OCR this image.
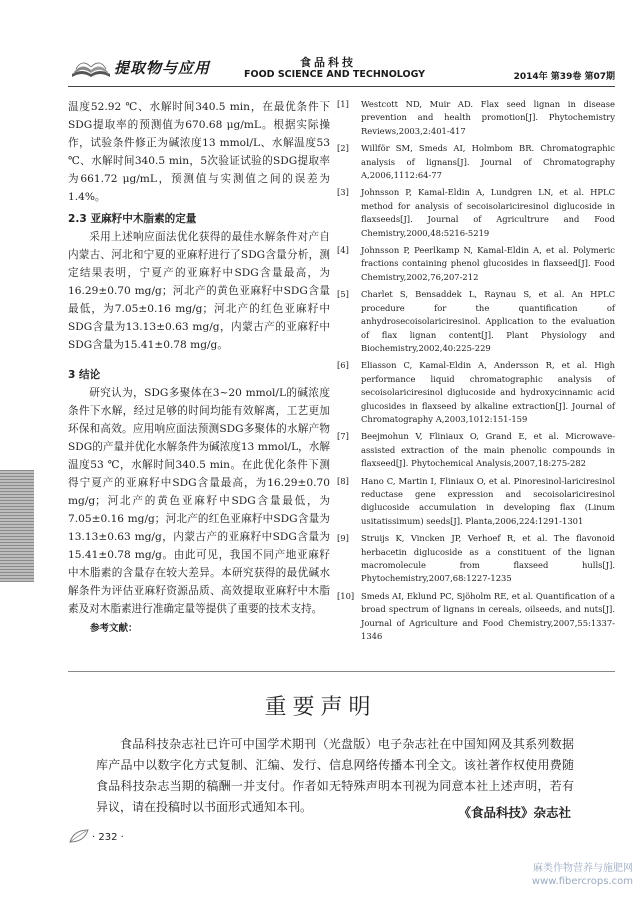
提取物与应用	食品科技
FOOD SCIENCE AND TECHNOLOGY	2014年 第39卷 第07期

温度52.92 ℃、水解时间340.5 min，在最优条件下SDG提取率的预测值为670.68 μg/mL。根据实际操作，试验条件修正为碱浓度13 mmol/L、水解温度53 ℃、水解时间340.5 min，5次验证试验的SDG提取率为661.72 μg/mL，预测值与实测值之间的误差为1.4%。

2.3 亚麻籽中木脂素的定量

采用上述响应面法优化获得的最佳水解条件对产自内蒙古、河北和宁夏的亚麻籽进行了SDG含量分析，测定结果表明，宁夏产的亚麻籽中SDG含量最高，为16.29±0.70 mg/g；河北产的黄色亚麻籽中SDG含量最低，为7.05±0.16 mg/g；河北产的红色亚麻籽中SDG含量为13.13±0.63 mg/g，内蒙古产的亚麻籽中SDG含量为15.41±0.78 mg/g。

3 结论

研究认为，SDG多聚体在3~20 mmol/L的碱浓度条件下水解，经过足够的时间均能有效解离，工艺更加环保和高效。应用响应面法预测SDG多聚体的水解产物SDG的产量并优化水解条件为碱浓度13 mmol/L，水解温度53 ℃，水解时间340.5 min。在此优化条件下测得宁夏产的亚麻籽中SDG含量最高，为16.29±0.70 mg/g；河北产的黄色亚麻籽中SDG含量最低，为7.05±0.16 mg/g；河北产的红色亚麻籽中SDG含量为13.13±0.63 mg/g，内蒙古产的亚麻籽中SDG含量为15.41±0.78 mg/g。由此可见，我国不同产地亚麻籽中木脂素的含量存在较大差异。本研究获得的最优碱水解条件为评估亚麻籽资源品质、高效提取亚麻籽中木脂素及对木脂素进行准确定量等提供了重要的技术支持。

参考文献：
[1] Westcott ND, Muir AD. Flax seed lignan in disease prevention and health promotion[J]. Phytochemistry Reviews,2003,2:401-417
[2] Willför SM, Smeds AI, Holmbom BR. Chromatographic analysis of lignans[J]. Journal of Chromatography A,2006,1112:64-77
[3] Johnsson P, Kamal-Eldin A, Lundgren LN, et al. HPLC method for analysis of secoisolariciresinol diglucoside in flaxseeds[J]. Journal of Agricultrure and Food Chemistry,2000,48:5216-5219
[4] Johnsson P, Peerlkamp N, Kamal-Eldin A, et al. Polymeric fractions containing phenol glucosides in flaxseed[J]. Food Chemistry,2002,76,207-212
[5] Charlet S, Bensaddek L, Raynau S, et al. An HPLC procedure for the quantification of anhydrosecoisolariciresinol. Application to the evaluation of flax lignan content[J]. Plant Physiology and Biochemistry,2002,40:225-229
[6] Eliasson C, Kamal-Eldin A, Andersson R, et al. High performance liquid chromatographic analysis of secoisolariciresinol diglucoside and hydroxycinnamic acid glucosides in flaxseed by alkaline extraction[J]. Journal of Chromatography A,2003,1012:151-159
[7] Beejmohun V, Fliniaux O, Grand E, et al. Microwave-assisted extraction of the main phenolic compounds in flaxseed[J]. Phytochemical Analysis,2007,18:275-282
[8] Hano C, Martin I, Fliniaux O, et al. Pinoresinol-lariciresinol reductase gene expression and secoisolariciresinol diglucoside accumulation in developing flax (Linum usitatissimum) seeds[J]. Planta,2006,224:1291-1301
[9] Struijs K, Vincken JP, Verhoef R, et al. The flavonoid herbacetin diglucoside as a constituent of the lignan macromolecule from flaxseed hulls[J]. Phytochemistry,2007,68:1227-1235
[10] Smeds AI, Eklund PC, Sjöholm RE, et al. Quantification of a broad spectrum of lignans in cereals, oilseeds, and nuts[J]. Journal of Agriculture and Food Chemistry,2007,55:1337-1346
重要声明

食品科技杂志社已许可中国学术期刊（光盘版）电子杂志社在中国知网及其系列数据库产品中以数字化方式复制、汇编、发行、信息网络传播本刊全文。该社著作权使用费随食品科技杂志当期的稿酬一并支付。作者如无特殊声明本刊视为同意本社上述声明，若有异议，请在投稿时以书面形式通知本刊。	《食品科技》杂志社
· 232 ·
麻类作物营养与施肥网
www.fibercrops.com
